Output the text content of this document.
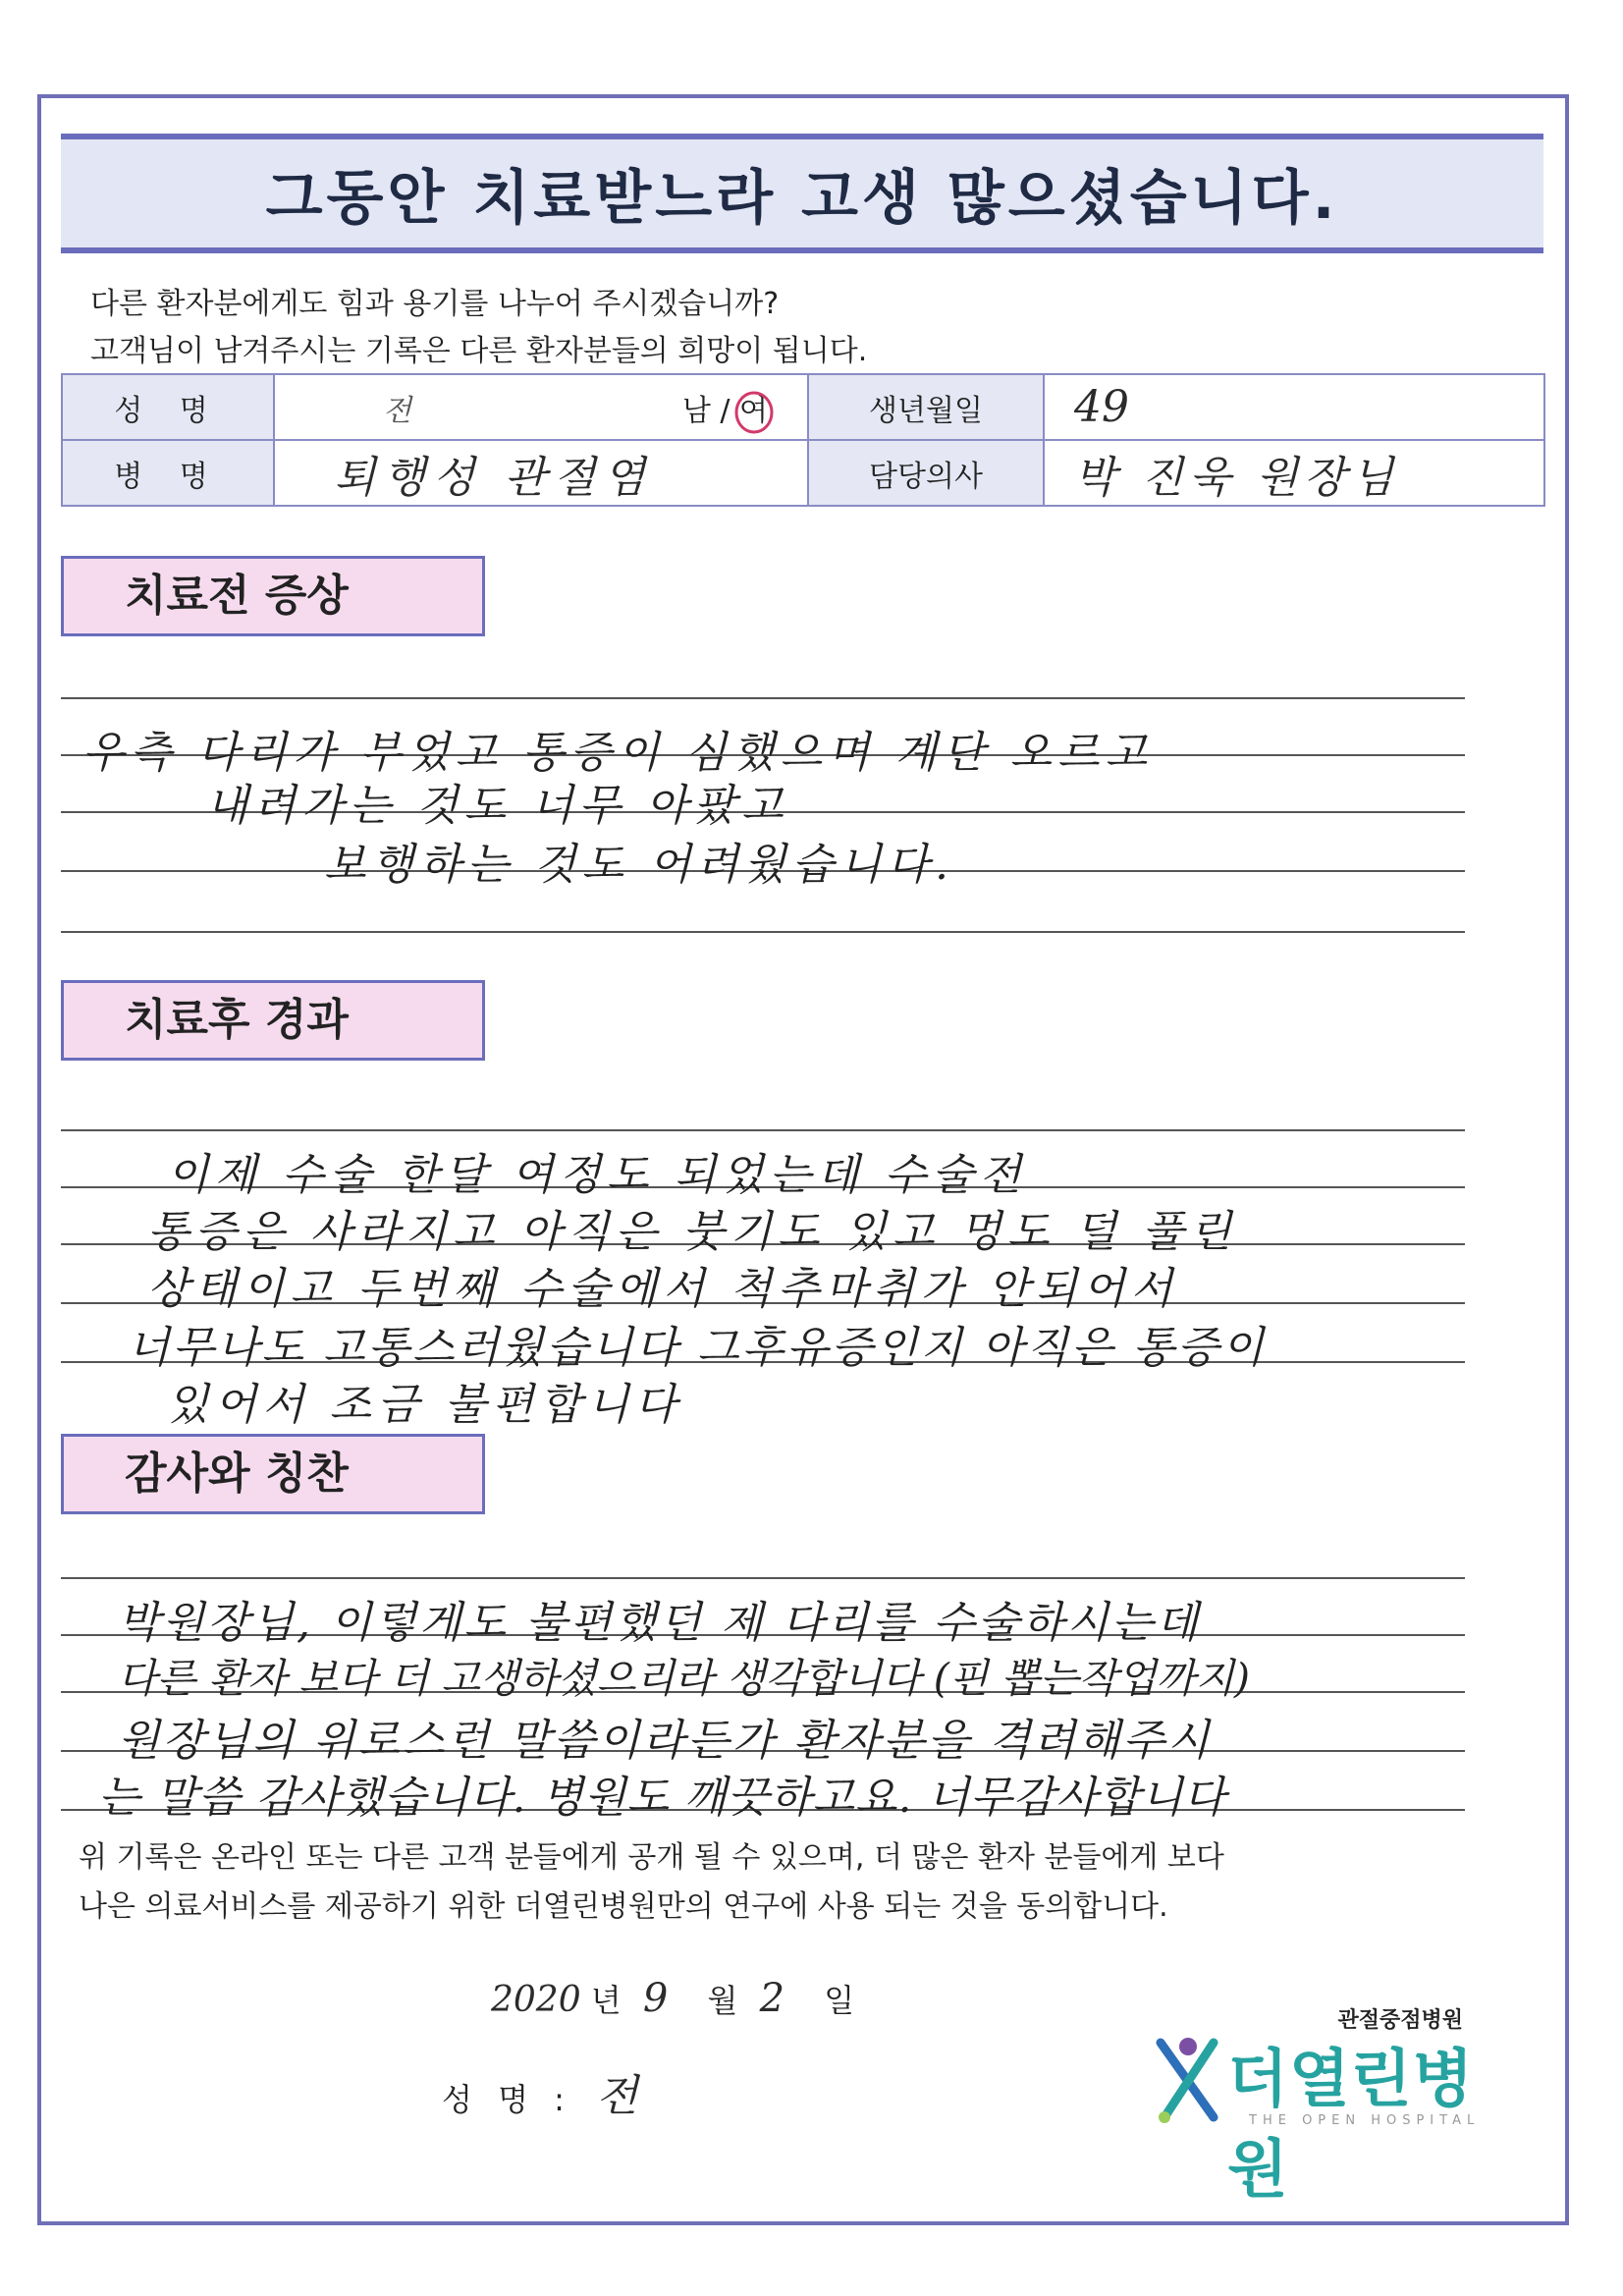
그동안 치료받느라 고생 많으셨습니다.
다른 환자분에게도 힘과 용기를 나누어 주시겠습니까?
고객님이 남겨주시는 기록은 다른 환자분들의 희망이 됩니다.
성 명	전 남 / 여	생년월일	49
병 명	퇴행성 관절염	담당의사	박 진욱 원장님
치료전 증상
우측 다리가 부었고 통증이 심했으며 계단 오르고
내려가는 것도 너무 아팠고
보행하는 것도 어려웠습니다.
치료후 경과
이제 수술 한달 여정도 되었는데 수술전
통증은 사라지고 아직은 붓기도 있고 멍도 덜 풀린
상태이고 두번째 수술에서 척추마취가 안되어서
너무나도 고통스러웠습니다 그후유증인지 아직은 통증이
있어서 조금 불편합니다
감사와 칭찬
박원장님, 이렇게도 불편했던 제 다리를 수술하시는데
다른 환자 보다 더 고생하셨으리라 생각합니다 (핀 뽑는작업까지)
원장님의 위로스런 말씀이라든가 환자분을 격려해주시
는 말씀 감사했습니다. 병원도 깨끗하고요. 너무감사합니다
위 기록은 온라인 또는 다른 고객 분들에게 공개 될 수 있으며, 더 많은 환자 분들에게 보다
나은 의료서비스를 제공하기 위한 더열린병원만의 연구에 사용 되는 것을 동의합니다.
2020 년 9 월 2 일
성 명 : 전
관절중점병원
더열린병원
THE OPEN HOSPITAL
